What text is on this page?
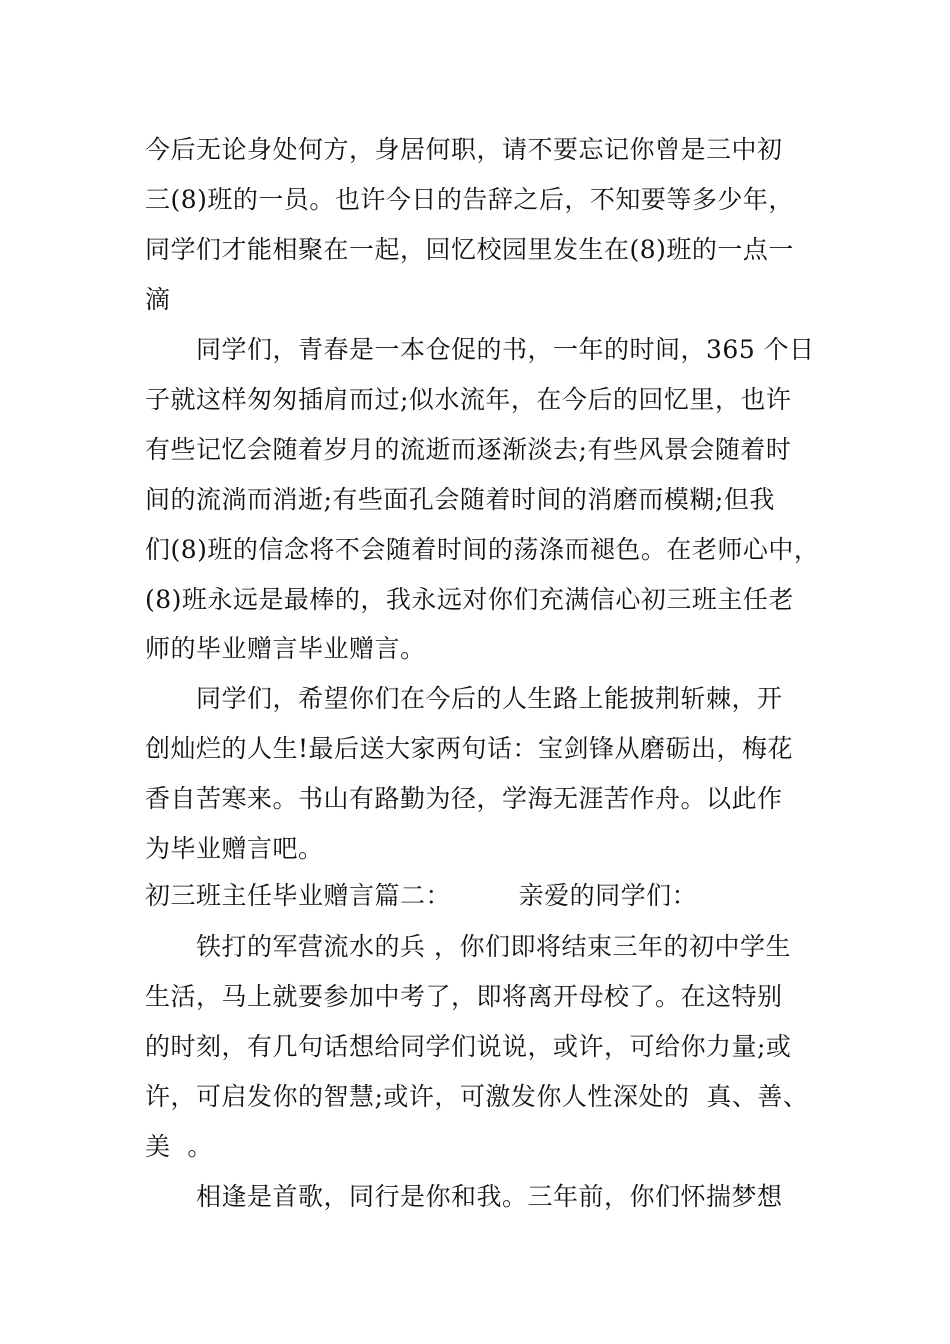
今后无论身处何方，身居何职，请不要忘记你曾是三中初
三(8)班的一员。也许今日的告辞之后，不知要等多少年，
同学们才能相聚在一起，回忆校园里发生在(8)班的一点一
滴
同学们，青春是一本仓促的书，一年的时间，365 个日
子就这样匆匆插肩而过;似水流年，在今后的回忆里，也许
有些记忆会随着岁月的流逝而逐渐淡去;有些风景会随着时
间的流淌而消逝;有些面孔会随着时间的消磨而模糊;但我
们(8)班的信念将不会随着时间的荡涤而褪色。在老师心中，
(8)班永远是最棒的，我永远对你们充满信心初三班主任老
师的毕业赠言毕业赠言。
同学们，希望你们在今后的人生路上能披荆斩棘，开
创灿烂的人生!最后送大家两句话：宝剑锋从磨砺出，梅花
香自苦寒来。书山有路勤为径，学海无涯苦作舟。以此作
为毕业赠言吧。
初三班主任毕业赠言篇二：        亲爱的同学们：
铁打的军营流水的兵 ，你们即将结束三年的初中学生
生活，马上就要参加中考了，即将离开母校了。在这特别
的时刻，有几句话想给同学们说说，或许，可给你力量;或
许，可启发你的智慧;或许，可激发你人性深处的  真、善、
美  。
相逢是首歌，同行是你和我。三年前，你们怀揣梦想
